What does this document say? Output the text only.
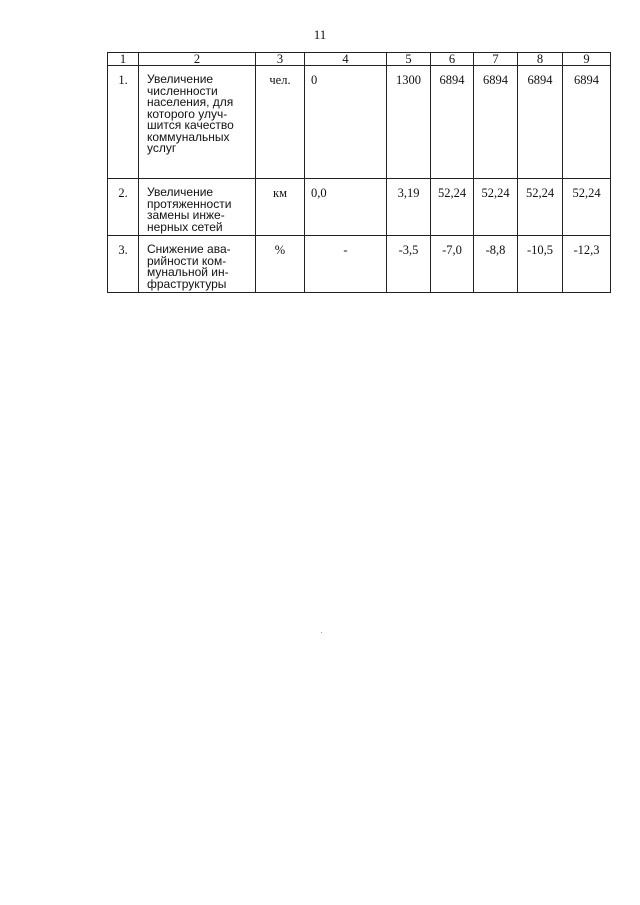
11
1	2	3	4	5	6	7	8	9
1.	Увеличение численности населения, для которого улуч-шится качество коммунальных услуг	чел.	0	1300	6894	6894	6894	6894
2.	Увеличение протяженности замены инже-нерных сетей	км	0,0	3,19	52,24	52,24	52,24	52,24
3.	Снижение ава-рийности ком-мунальной ин-фраструктуры	%	-	-3,5	-7,0	-8,8	-10,5	-12,3
